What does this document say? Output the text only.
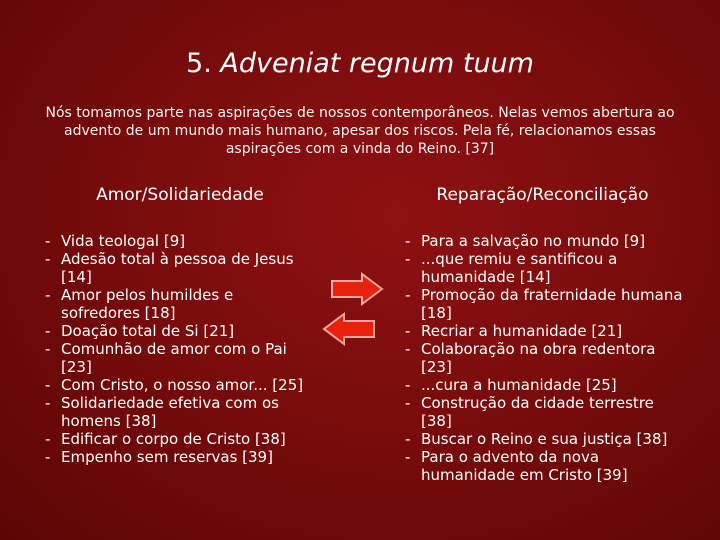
5. Adveniat regnum tuum

Nós tomamos parte nas aspirações de nossos contemporâneos. Nelas vemos abertura ao advento de um mundo mais humano, apesar dos riscos. Pela fé, relacionamos essas aspirações com a vinda do Reino. [37]

Amor/Solidariedade	Reparação/Reconciliação
- Vida teologal [9]
- Adesão total à pessoa de Jesus [14]
- Amor pelos humildes e sofredores [18]
- Doação total de Si [21]
- Comunhão de amor com o Pai [23]
- Com Cristo, o nosso amor... [25]
- Solidariedade efetiva com os homens [38]
- Edificar o corpo de Cristo [38]
- Empenho sem reservas [39]
- Para a salvação no mundo [9]
- ...que remiu e santificou a humanidade [14]
- Promoção da fraternidade humana [18]
- Recriar a humanidade [21]
- Colaboração na obra redentora [23]
- ...cura a humanidade [25]
- Construção da cidade terrestre [38]
- Buscar o Reino e sua justiça [38]
- Para o advento da nova humanidade em Cristo [39]
